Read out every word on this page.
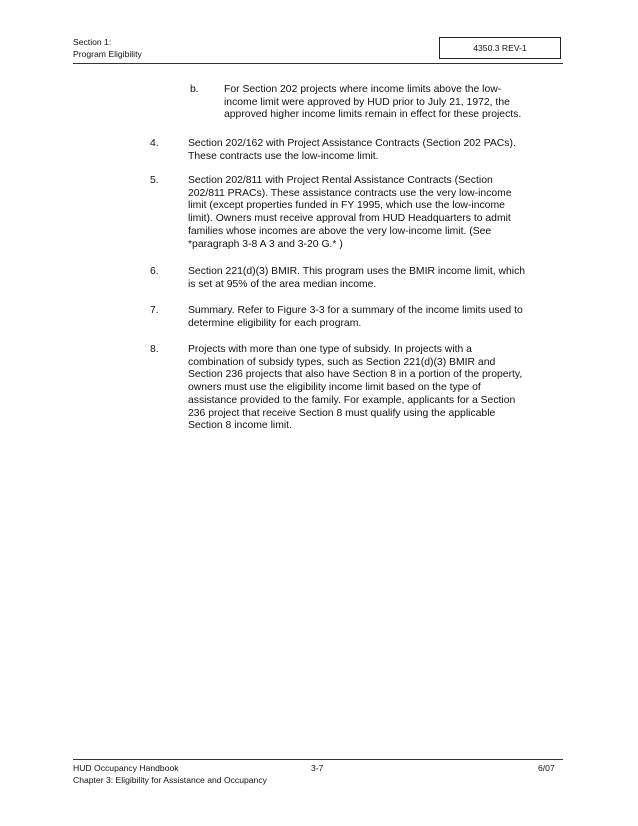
Section 1:
Program Eligibility
4350.3 REV-1
b. For Section 202 projects where income limits above the low-
income limit were approved by HUD prior to July 21, 1972, the
approved higher income limits remain in effect for these projects.
4.	Section 202/162 with Project Assistance Contracts (Section 202 PACs).
These contracts use the low-income limit.
5.	Section 202/811 with Project Rental Assistance Contracts (Section
202/811 PRACs). These assistance contracts use the very low-income
limit (except properties funded in FY 1995, which use the low-income
limit). Owners must receive approval from HUD Headquarters to admit
families whose incomes are above the very low-income limit. (See
*paragraph 3-8 A 3 and 3-20 G.* )
6.	Section 221(d)(3) BMIR. This program uses the BMIR income limit, which
is set at 95% of the area median income.
7.	Summary. Refer to Figure 3-3 for a summary of the income limits used to
determine eligibility for each program.
8.	Projects with more than one type of subsidy. In projects with a
combination of subsidy types, such as Section 221(d)(3) BMIR and
Section 236 projects that also have Section 8 in a portion of the property,
owners must use the eligibility income limit based on the type of
assistance provided to the family. For example, applicants for a Section
236 project that receive Section 8 must qualify using the applicable
Section 8 income limit.
HUD Occupancy Handbook	3-7	6/07
Chapter 3: Eligibility for Assistance and Occupancy
